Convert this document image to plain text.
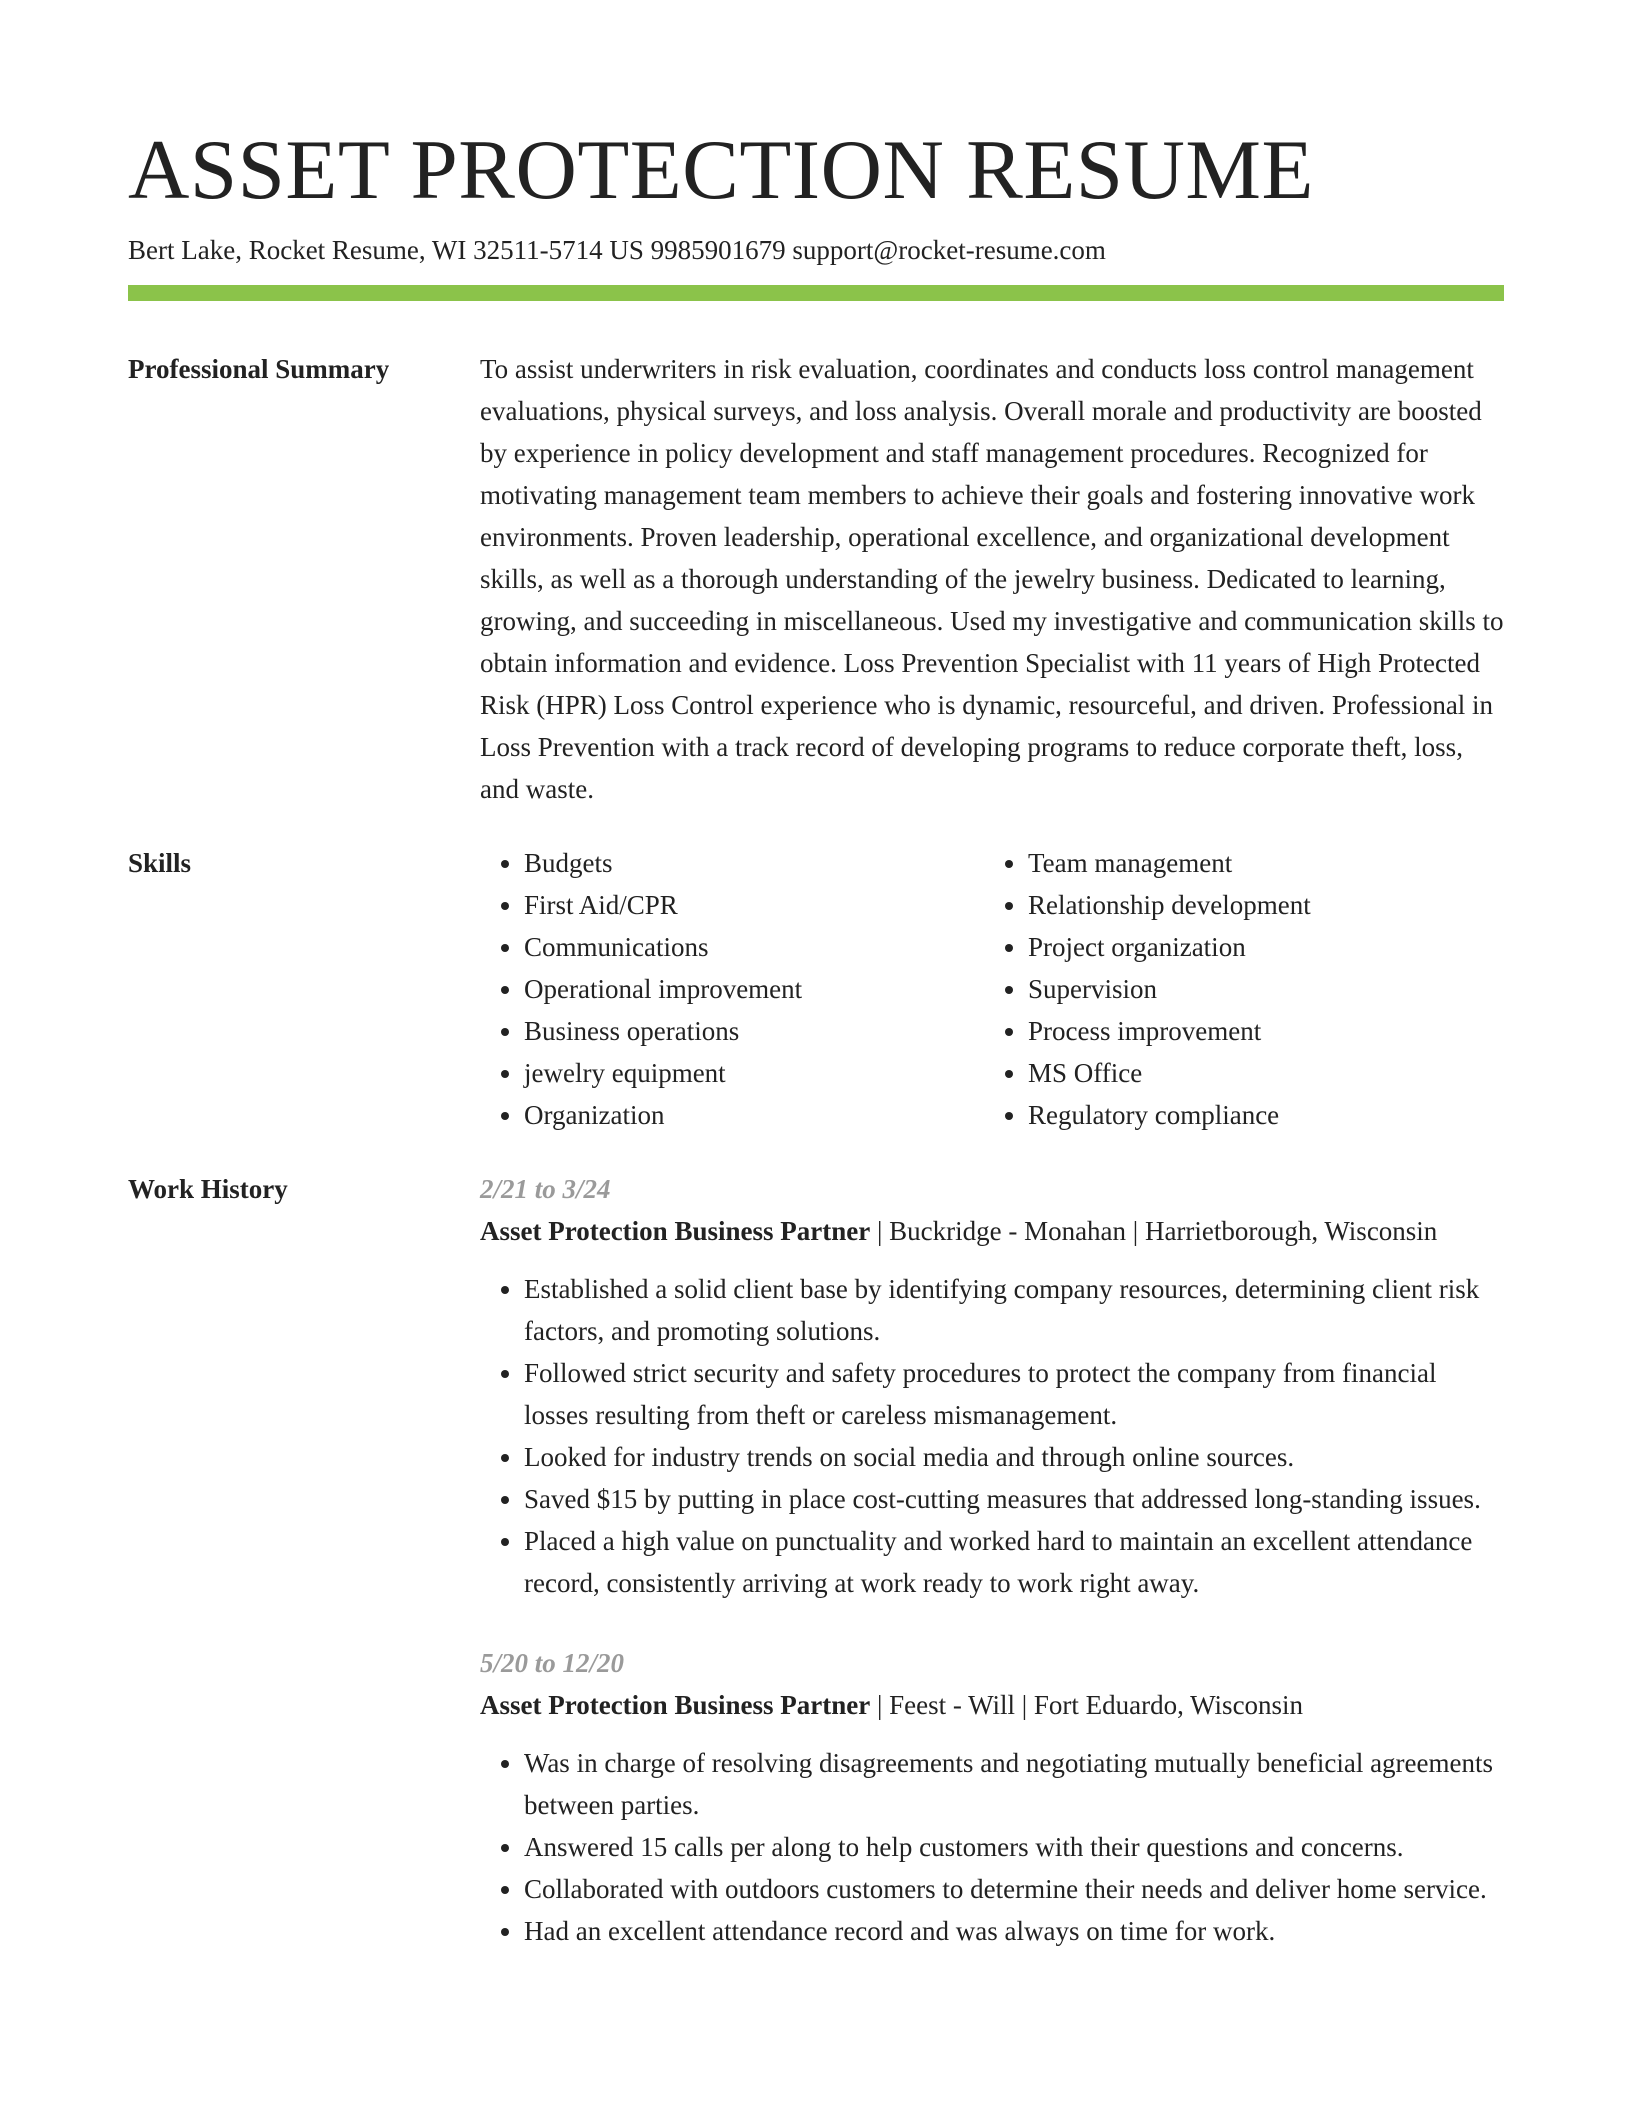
ASSET PROTECTION RESUME
Bert Lake, Rocket Resume, WI 32511-5714 US 9985901679 support@rocket-resume.com
Professional Summary	To assist underwriters in risk evaluation, coordinates and conducts loss control management evaluations, physical surveys, and loss analysis. Overall morale and productivity are boosted by experience in policy development and staff management procedures. Recognized for motivating management team members to achieve their goals and fostering innovative work environments. Proven leadership, operational excellence, and organizational development skills, as well as a thorough understanding of the jewelry business. Dedicated to learning, growing, and succeeding in miscellaneous. Used my investigative and communication skills to obtain information and evidence. Loss Prevention Specialist with 11 years of High Protected Risk (HPR) Loss Control experience who is dynamic, resourceful, and driven. Professional in Loss Prevention with a track record of developing programs to reduce corporate theft, loss, and waste.
Skills
•	Budgets
• First Aid/CPR
• Communications
• Operational improvement
• Business operations
• jewelry equipment
• Organization
• Team management
• Relationship development
• Project organization
• Supervision
• Process improvement
• MS Office
• Regulatory compliance
Work History	2/21 to 3/24
Asset Protection Business Partner | Buckridge - Monahan | Harrietborough, Wisconsin
• Established a solid client base by identifying company resources, determining client risk factors, and promoting solutions.
• Followed strict security and safety procedures to protect the company from financial losses resulting from theft or careless mismanagement.
• Looked for industry trends on social media and through online sources.
• Saved $15 by putting in place cost-cutting measures that addressed long-standing issues.
• Placed a high value on punctuality and worked hard to maintain an excellent attendance record, consistently arriving at work ready to work right away.
5/20 to 12/20
Asset Protection Business Partner | Feest - Will | Fort Eduardo, Wisconsin
• Was in charge of resolving disagreements and negotiating mutually beneficial agreements between parties.
• Answered 15 calls per along to help customers with their questions and concerns.
• Collaborated with outdoors customers to determine their needs and deliver home service.
• Had an excellent attendance record and was always on time for work.
